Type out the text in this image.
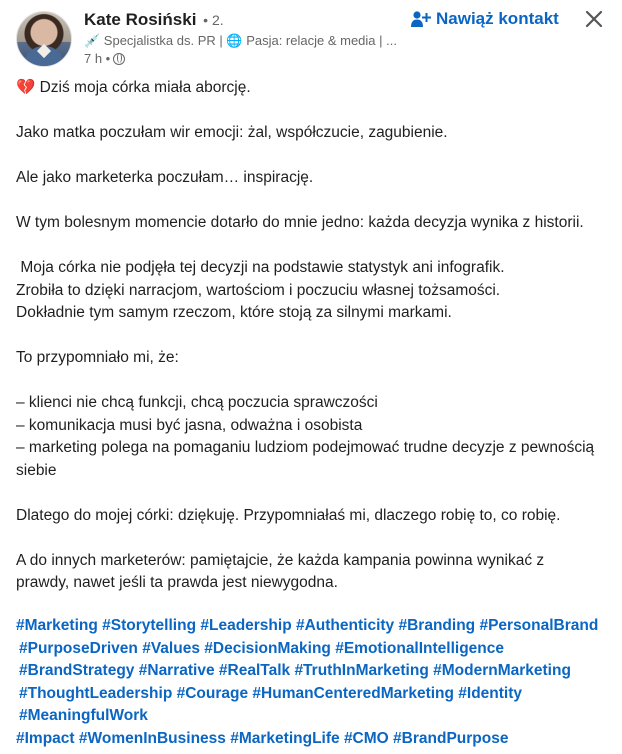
Kate Rosiński • 2.
💉 Specjalistka ds. PR | 🌐 Pasja: relacje & media | ...
7 h •
Nawiąż kontakt

💔 Dziś moja córka miała aborcję.

Jako matka poczułam wir emocji: żal, współczucie, zagubienie.

Ale jako marketerka poczułam… inspirację.

W tym bolesnym momencie dotarło do mnie jedno: każda decyzja wynika z historii.

Moja córka nie podjęła tej decyzji na podstawie statystyk ani infografik.

Zrobiła to dzięki narracjom, wartościom i poczuciu własnej tożsamości.

Dokładnie tym samym rzeczom, które stoją za silnymi markami.

To przypomniało mi, że:

– klienci nie chcą funkcji, chcą poczucia sprawczości

– komunikacja musi być jasna, odważna i osobista

– marketing polega na pomaganiu ludziom podejmować trudne decyzje z pewnością

siebie

Dlatego do mojej córki: dziękuję. Przypomniałaś mi, dlaczego robię to, co robię.

A do innych marketerów: pamiętajcie, że każda kampania powinna wynikać z

prawdy, nawet jeśli ta prawda jest niewygodna.

#Marketing #Storytelling #Leadership #Authenticity #Branding #PersonalBrand
#PurposeDriven #Values #DecisionMaking #EmotionalIntelligence
#BrandStrategy #Narrative #RealTalk #TruthInMarketing #ModernMarketing
#ThoughtLeadership #Courage #HumanCenteredMarketing #Identity
#MeaningfulWork
#Impact #WomenInBusiness #MarketingLife #CMO #BrandPurpose
